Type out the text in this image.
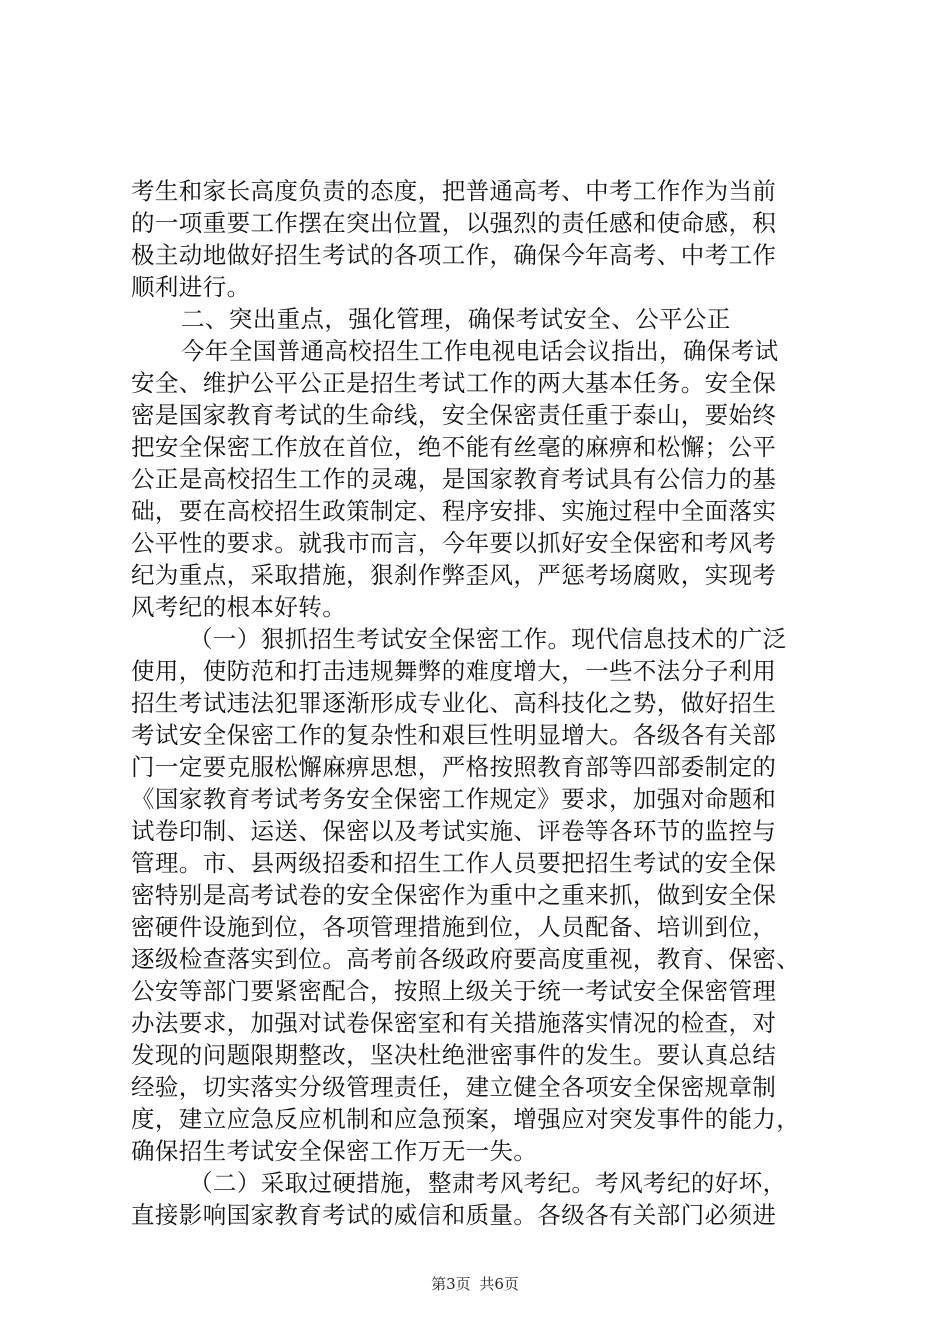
考生和家长高度负责的态度，把普通高考、中考工作作为当前
的一项重要工作摆在突出位置，以强烈的责任感和使命感，积
极主动地做好招生考试的各项工作，确保今年高考、中考工作
顺利进行。
二、突出重点，强化管理，确保考试安全、公平公正
今年全国普通高校招生工作电视电话会议指出，确保考试
安全、维护公平公正是招生考试工作的两大基本任务。安全保
密是国家教育考试的生命线，安全保密责任重于泰山，要始终
把安全保密工作放在首位，绝不能有丝毫的麻痹和松懈；公平
公正是高校招生工作的灵魂，是国家教育考试具有公信力的基
础，要在高校招生政策制定、程序安排、实施过程中全面落实
公平性的要求。就我市而言，今年要以抓好安全保密和考风考
纪为重点，采取措施，狠刹作弊歪风，严惩考场腐败，实现考
风考纪的根本好转。
（一）狠抓招生考试安全保密工作。现代信息技术的广泛
使用，使防范和打击违规舞弊的难度增大，一些不法分子利用
招生考试违法犯罪逐渐形成专业化、高科技化之势，做好招生
考试安全保密工作的复杂性和艰巨性明显增大。各级各有关部
门一定要克服松懈麻痹思想，严格按照教育部等四部委制定的
《国家教育考试考务安全保密工作规定》要求，加强对命题和
试卷印制、运送、保密以及考试实施、评卷等各环节的监控与
管理。市、县两级招委和招生工作人员要把招生考试的安全保
密特别是高考试卷的安全保密作为重中之重来抓，做到安全保
密硬件设施到位，各项管理措施到位，人员配备、培训到位，
逐级检查落实到位。高考前各级政府要高度重视，教育、保密、
公安等部门要紧密配合，按照上级关于统一考试安全保密管理
办法要求，加强对试卷保密室和有关措施落实情况的检查，对
发现的问题限期整改，坚决杜绝泄密事件的发生。要认真总结
经验，切实落实分级管理责任，建立健全各项安全保密规章制
度，建立应急反应机制和应急预案，增强应对突发事件的能力，
确保招生考试安全保密工作万无一失。
（二）采取过硬措施，整肃考风考纪。考风考纪的好坏，
直接影响国家教育考试的威信和质量。各级各有关部门必须进
第3页 共6页
